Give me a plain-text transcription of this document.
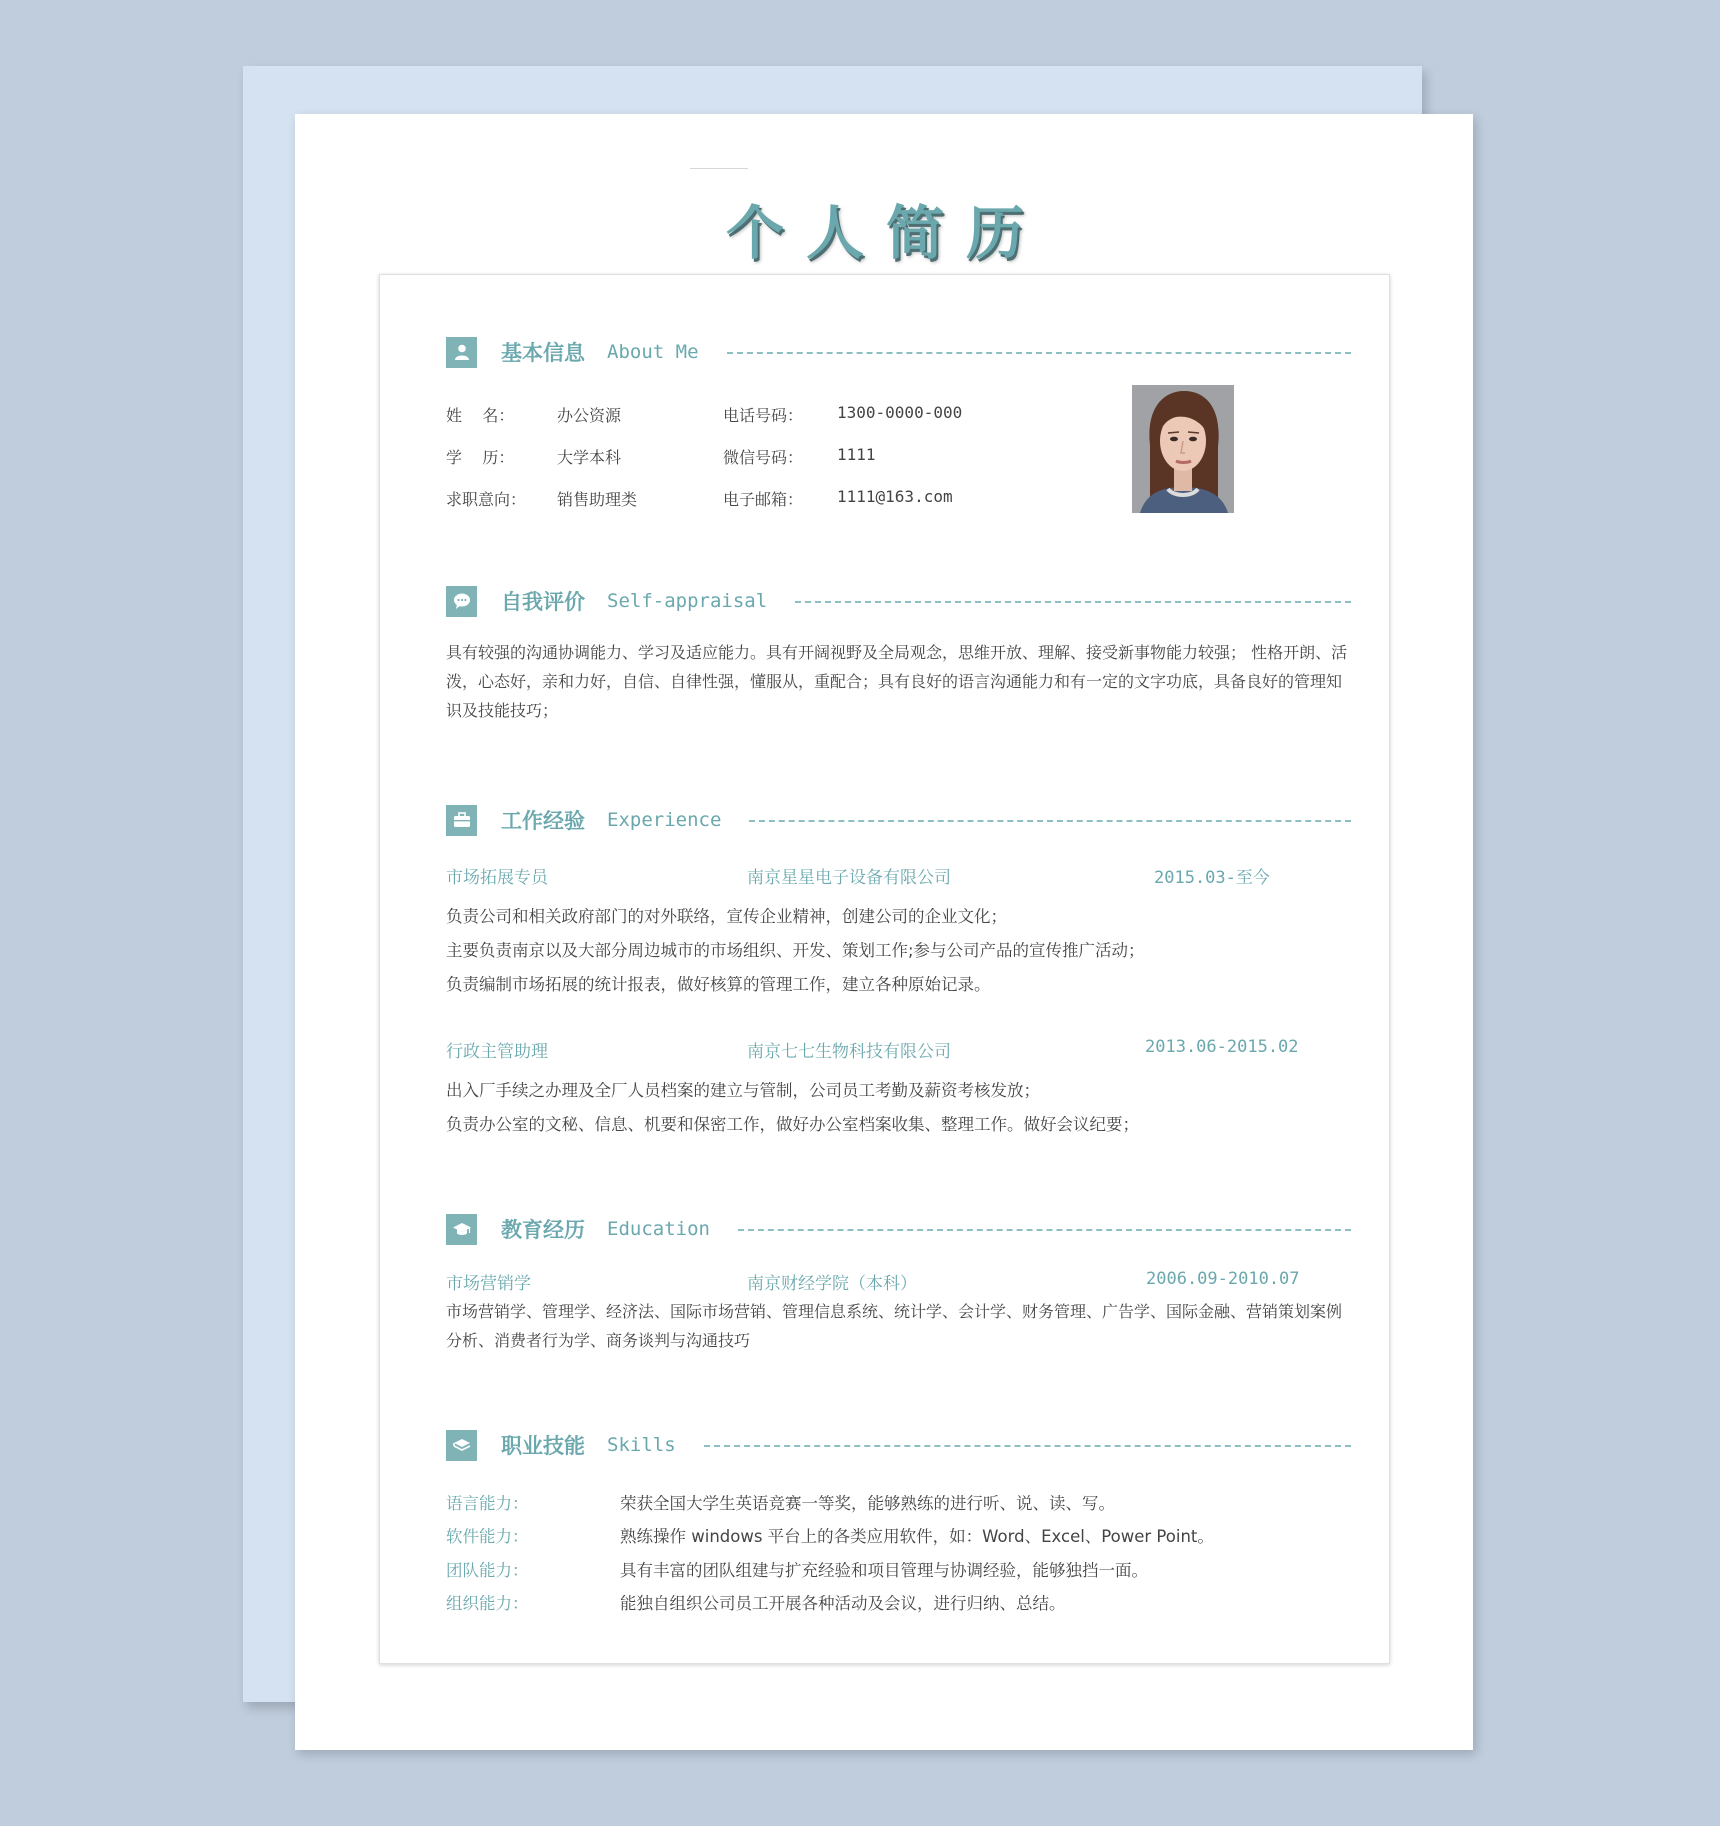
个人简历
基本信息 About Me
姓    名：	办公资源
学    历：	大学本科
求职意向：	销售助理类
电话号码：	1300-0000-000
微信号码：	1111
电子邮箱：	1111@163.com
自我评价 Self-appraisal
具有较强的沟通协调能力、学习及适应能力。具有开阔视野及全局观念，思维开放、理解、接受新事物能力较强； 性格开朗、活泼，心态好，亲和力好，自信、自律性强，懂服从，重配合；具有良好的语言沟通能力和有一定的文字功底，具备良好的管理知识及技能技巧；
工作经验 Experience
市场拓展专员	南京星星电子设备有限公司	2015.03-至今
负责公司和相关政府部门的对外联络，宣传企业精神，创建公司的企业文化；
主要负责南京以及大部分周边城市的市场组织、开发、策划工作;参与公司产品的宣传推广活动；
负责编制市场拓展的统计报表，做好核算的管理工作，建立各种原始记录。
行政主管助理	南京七七生物科技有限公司	2013.06-2015.02
出入厂手续之办理及全厂人员档案的建立与管制，公司员工考勤及薪资考核发放；
负责办公室的文秘、信息、机要和保密工作，做好办公室档案收集、整理工作。做好会议纪要；
教育经历 Education
市场营销学	南京财经学院（本科）	2006.09-2010.07
市场营销学、管理学、经济法、国际市场营销、管理信息系统、统计学、会计学、财务管理、广告学、国际金融、营销策划案例分析、消费者行为学、商务谈判与沟通技巧
职业技能 Skills
语言能力：	荣获全国大学生英语竞赛一等奖，能够熟练的进行听、说、读、写。
软件能力：	熟练操作 windows 平台上的各类应用软件，如：Word、Excel、Power Point。
团队能力：	具有丰富的团队组建与扩充经验和项目管理与协调经验，能够独挡一面。
组织能力：	能独自组织公司员工开展各种活动及会议，进行归纳、总结。
